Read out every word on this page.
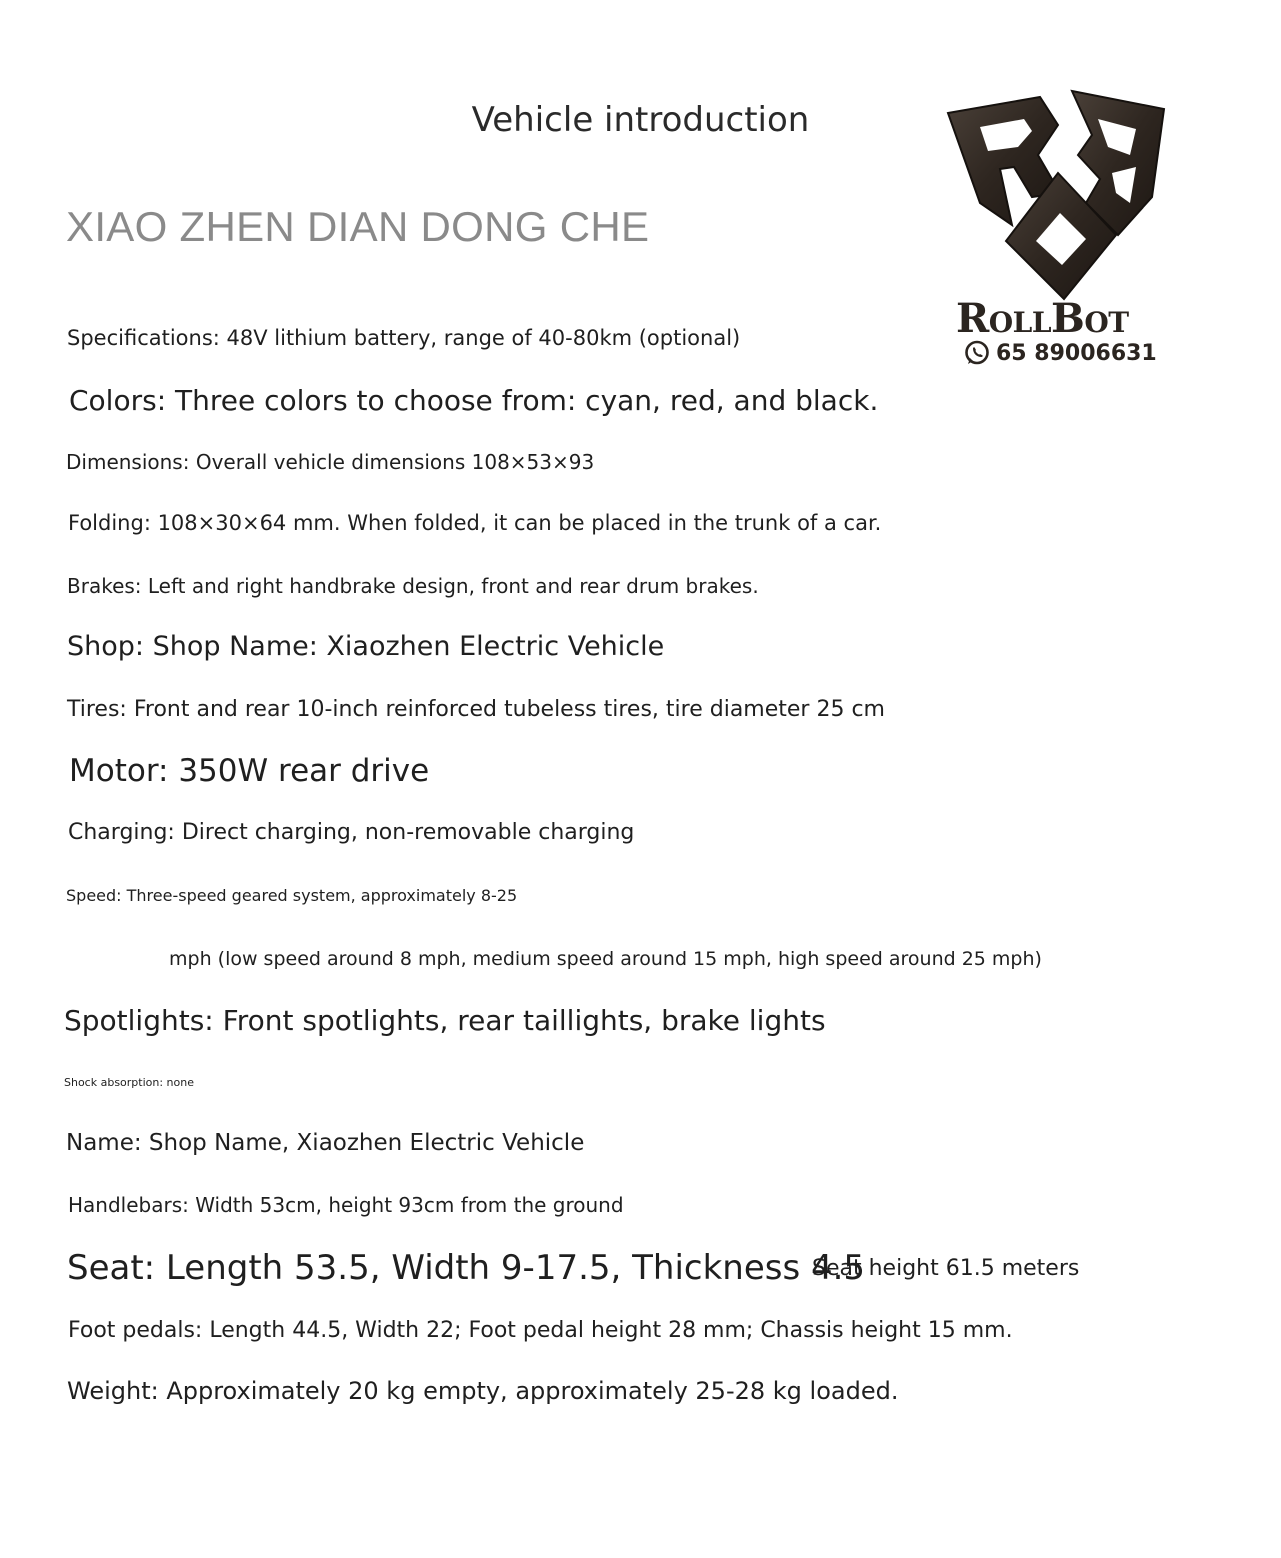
Vehicle introduction
XIAO ZHEN DIAN DONG CHE
RollBot
65 89006631
Specifications: 48V lithium battery, range of 40-80km (optional)
Colors: Three colors to choose from: cyan, red, and black.
Dimensions: Overall vehicle dimensions 108×53×93
Folding: 108×30×64 mm. When folded, it can be placed in the trunk of a car.
Brakes: Left and right handbrake design, front and rear drum brakes.
Shop: Shop Name: Xiaozhen Electric Vehicle
Tires: Front and rear 10-inch reinforced tubeless tires, tire diameter 25 cm
Motor: 350W rear drive
Charging: Direct charging, non-removable charging
Speed: Three-speed geared system, approximately 8-25
mph (low speed around 8 mph, medium speed around 15 mph, high speed around 25 mph)
Spotlights: Front spotlights, rear taillights, brake lights
Shock absorption: none
Name: Shop Name, Xiaozhen Electric Vehicle
Handlebars: Width 53cm, height 93cm from the ground
Seat: Length 53.5, Width 9-17.5, Thickness 4.5
Seat height 61.5 meters
Foot pedals: Length 44.5, Width 22; Foot pedal height 28 mm; Chassis height 15 mm.
Weight: Approximately 20 kg empty, approximately 25-28 kg loaded.
